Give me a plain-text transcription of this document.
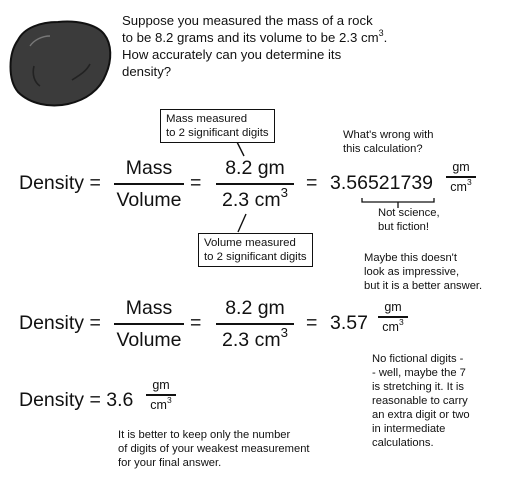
Suppose you measured the mass of a rock
to be 8.2 grams and its volume to be 2.3 $cm^3$.
How accurately can you determine its
density?
Mass measured
to 2 significant digits	What's wrong with
this calculation?
Density =
Mass
Volume
=
8.2 gm
2.3 $cm^3 = 3.56521739$
gm
$cm^3$
Not science,
but fiction!
Volume measured
to 2 significant digits	Maybe this doesn't
look as impressive,
but it is a better answer.
Density =
Mass
Volume
=
8.2 gm
2.3 $cm^3 = 3.57$
gm
$cm^3$
No fictional digits -
- well, maybe the 7
is stretching it. It is
reasonable to carry
an extra digit or two
in intermediate
calculations.
Density = 3.6
gm
$cm^3$
It is better to keep only the number
of digits of your weakest measurement
for your final answer.
